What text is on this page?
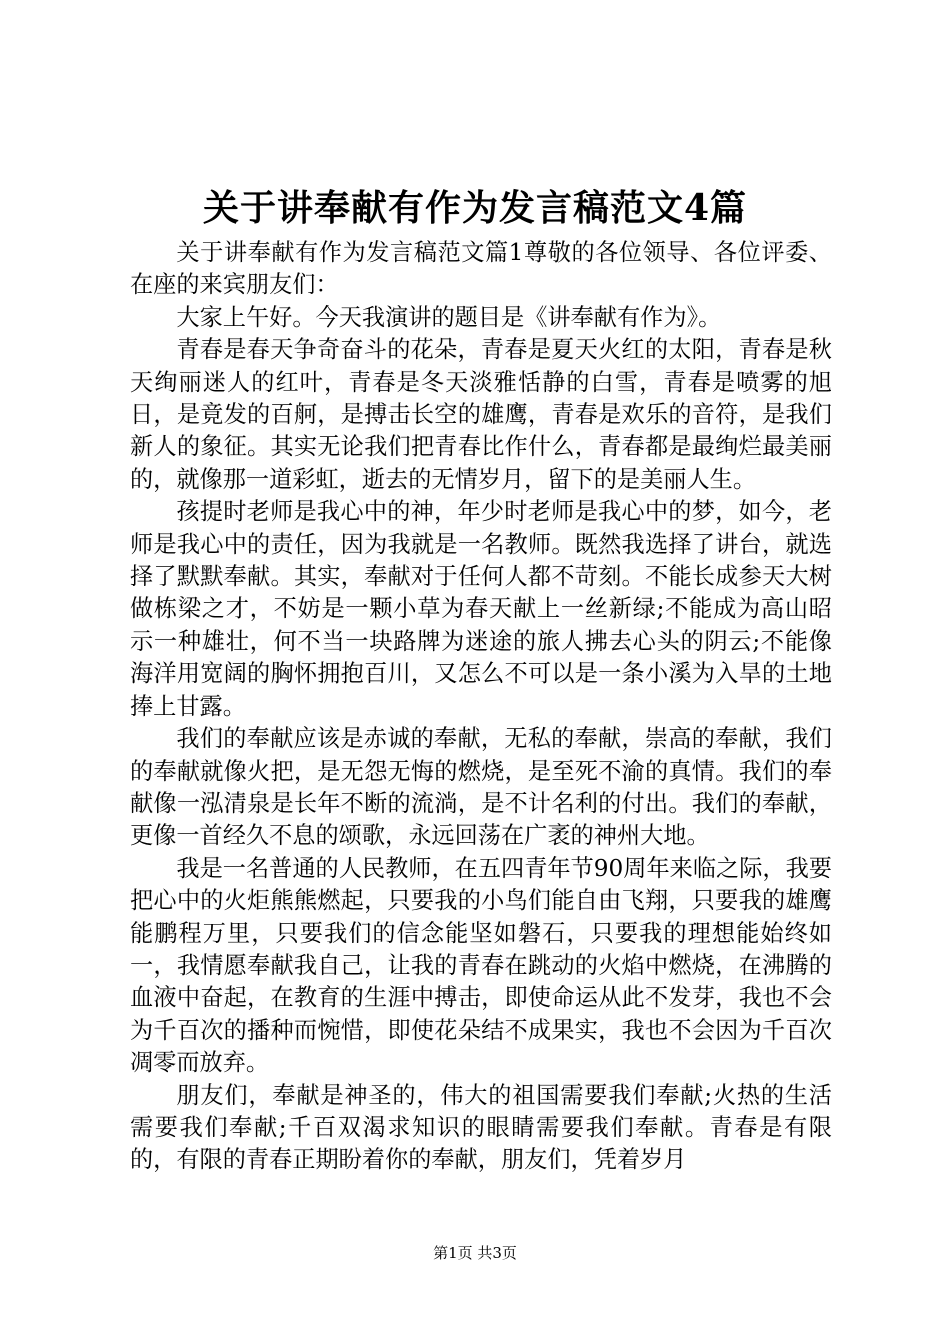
关于讲奉献有作为发言稿范文4篇

关于讲奉献有作为发言稿范文篇1尊敬的各位领导、各位评委、在座的来宾朋友们：

大家上午好。今天我演讲的题目是《讲奉献有作为》。

青春是春天争奇奋斗的花朵，青春是夏天火红的太阳，青春是秋天绚丽迷人的红叶，青春是冬天淡雅恬静的白雪，青春是喷雾的旭日，是竟发的百舸，是搏击长空的雄鹰，青春是欢乐的音符，是我们新人的象征。其实无论我们把青春比作什么，青春都是最绚烂最美丽的，就像那一道彩虹，逝去的无情岁月，留下的是美丽人生。

孩提时老师是我心中的神，年少时老师是我心中的梦，如今，老师是我心中的责任，因为我就是一名教师。既然我选择了讲台，就选择了默默奉献。其实，奉献对于任何人都不苛刻。不能长成参天大树做栋梁之才，不妨是一颗小草为春天献上一丝新绿;不能成为高山昭示一种雄壮，何不当一块路牌为迷途的旅人拂去心头的阴云;不能像海洋用宽阔的胸怀拥抱百川，又怎么不可以是一条小溪为入旱的土地捧上甘露。

我们的奉献应该是赤诚的奉献，无私的奉献，崇高的奉献，我们的奉献就像火把，是无怨无悔的燃烧，是至死不渝的真情。我们的奉献像一泓清泉是长年不断的流淌，是不计名利的付出。我们的奉献，更像一首经久不息的颂歌，永远回荡在广袤的神州大地。

我是一名普通的人民教师，在五四青年节90周年来临之际，我要把心中的火炬熊熊燃起，只要我的小鸟们能自由飞翔，只要我的雄鹰能鹏程万里，只要我们的信念能坚如磐石，只要我的理想能始终如一，我情愿奉献我自己，让我的青春在跳动的火焰中燃烧，在沸腾的血液中奋起，在教育的生涯中搏击，即使命运从此不发芽，我也不会为千百次的播种而惋惜，即使花朵结不成果实，我也不会因为千百次凋零而放弃。

朋友们，奉献是神圣的，伟大的祖国需要我们奉献;火热的生活需要我们奉献;千百双渴求知识的眼睛需要我们奉献。青春是有限的，有限的青春正期盼着你的奉献，朋友们，凭着岁月

第1页 共3页
